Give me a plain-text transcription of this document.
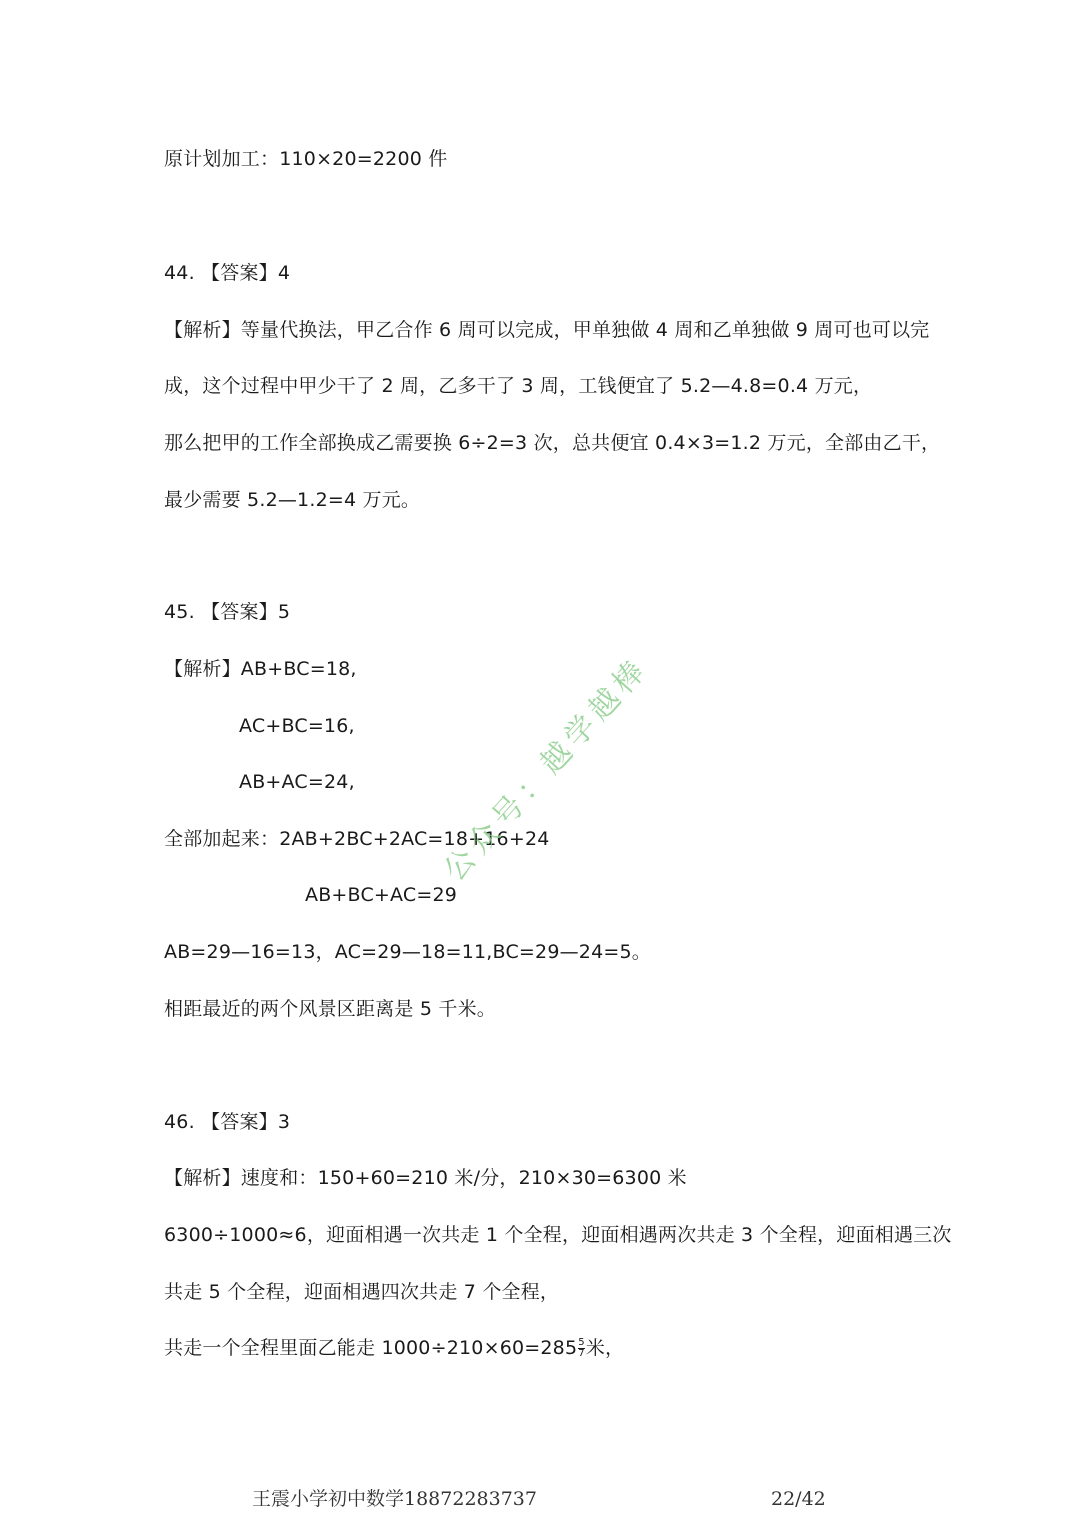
原计划加工：110×20=2200 件
44. 【答案】4
【解析】等量代换法，甲乙合作 6 周可以完成，甲单独做 4 周和乙单独做 9 周可也可以完
成，这个过程中甲少干了 2 周，乙多干了 3 周，工钱便宜了 5.2—4.8=0.4 万元，
那么把甲的工作全部换成乙需要换 6÷2=3 次，总共便宜 0.4×3=1.2 万元，全部由乙干，
最少需要 5.2—1.2=4 万元。
45. 【答案】5
【解析】AB+BC=18,
AC+BC=16,
AB+AC=24,
全部加起来：2AB+2BC+2AC=18+16+24
AB+BC+AC=29
AB=29—16=13，AC=29—18=11,BC=29—24=5。
相距最近的两个风景区距离是 5 千米。
46. 【答案】3
【解析】速度和：150+60=210 米/分，210×30=6300 米
6300÷1000≈6，迎面相遇一次共走 1 个全程，迎面相遇两次共走 3 个全程，迎面相遇三次
共走 5 个全程，迎面相遇四次共走 7 个全程，
共走一个全程里面乙能走 $1000\div 210\times 60=285 \frac{5}{7}$ 米，
公众号：越学越棒
王震小学初中数学18872283737	22/42
